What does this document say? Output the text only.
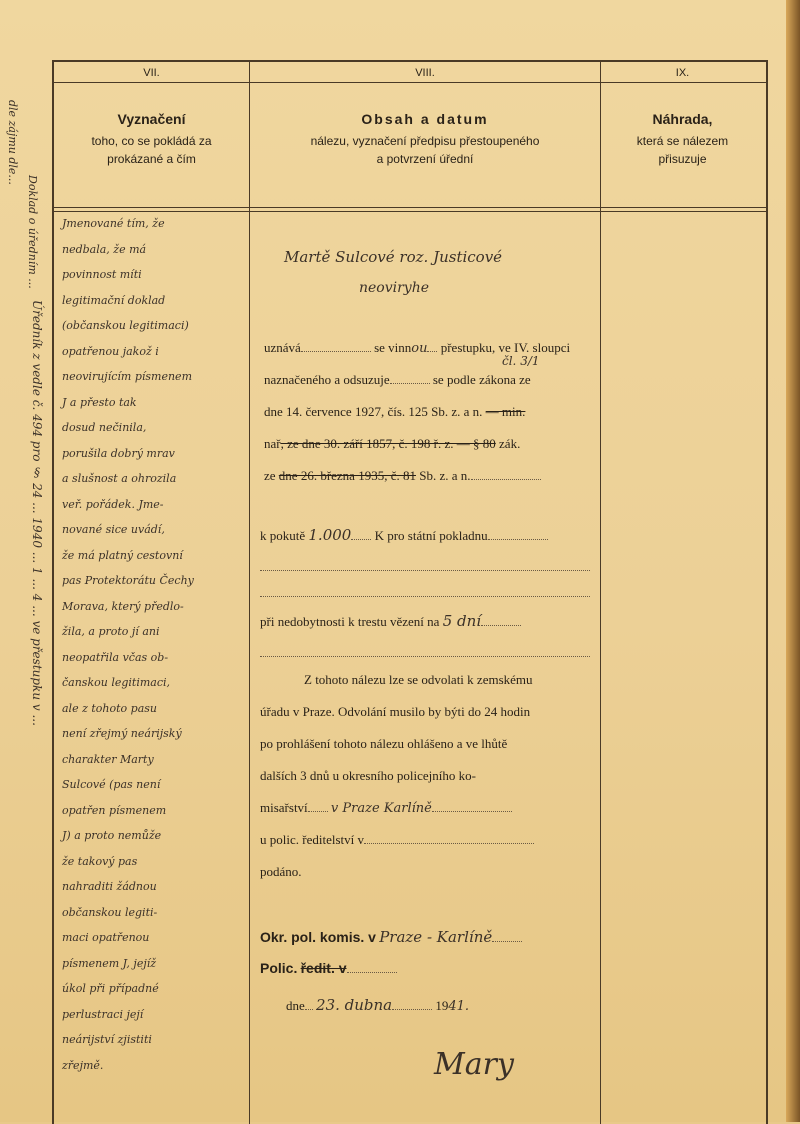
dle zájmu dle...
Doklad o úředním ...
Úředník z vedle č. 494 pro § 24 ... 1940 ... 1 ... 4 ... ve přestupku v ...
VII.	VIII.	IX.
Vyznačení
toho, co se pokládá za
prokázané a čím
Obsah a datum
nálezu, vyznačení předpisu přestoupeného
a potvrzení úřední
Náhrada,
která se nálezem
přisuzuje
Jmenované tím, že
nedbala, že má
povinnost míti
legitimační doklad
(občanskou legitimaci)
opatřenou jakož i
neovirujícím písmenem
J a přesto tak
dosud nečinila,
porušila dobrý mrav
a slušnost a ohrozila
veř. pořádek. Jme-
nované sice uvádí,
že má platný cestovní
pas Protektorátu Čechy
Morava, který předlo-
žila, a proto jí ani
neopatřila včas ob-
čanskou legitimaci,
ale z tohoto pasu
není zřejmý neárijský
charakter Marty
Sulcové (pas není
opatřen písmenem
J) a proto nemůže
že takový pas
nahraditi žádnou
občanskou legiti-
maci opatřenou
písmenem J, jejíž
úkol při případné
perlustraci její
neárijství zjistiti
zřejmě.
Martě Sulcové roz. Justicové
neoviryhe
uznává	se vinnou přestupku, ve IV. sloupci
čl. 3/1
naznačeného a odsuzuje	se podle zákona ze
dne 14. července 1927, čís. 125 Sb. z. a n. — min.
nař, ze dne 30. září 1857, č. 198 ř. z. — § 80 zák.
ze dne 26. března 1935, č. 81 Sb. z. a n.
k pokutě 1.000 K pro státní pokladnu
při nedobytnosti k trestu vězení na 5 dní
Z tohoto nálezu lze se odvolati k zemskému
úřadu v Praze. Odvolání musilo by býti do 24 hodin
po prohlášení tohoto nálezu ohlášeno a ve lhůtě
dalších 3 dnů u okresního policejního ko-
misařství v Praze Karlíně
u polic. ředitelství v
podáno.
Okr. pol. komis. v Praze - Karlíně
Polic. ředit. v
dne 23. dubna	1941.
Mary
